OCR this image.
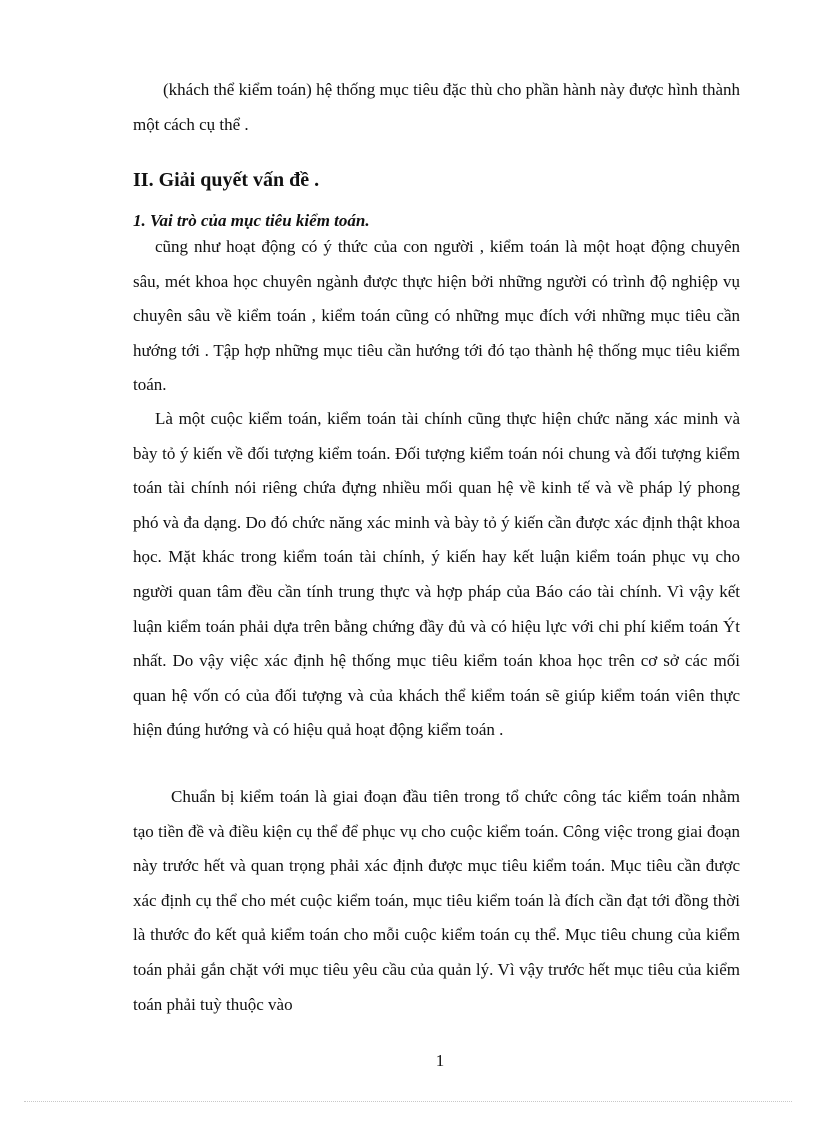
(khách thể kiểm toán) hệ thống mục tiêu đặc thù cho phần hành này được hình thành một cách cụ thể .
II. Giải quyết vấn đề .
1. Vai trò của mục tiêu kiểm toán.
cũng như hoạt động có ý thức của con người , kiểm toán là một hoạt động chuyên sâu, mét khoa học chuyên ngành được thực hiện bởi những người có trình độ nghiệp vụ chuyên sâu về kiểm toán , kiểm toán cũng có những mục đích với những mục tiêu cần hướng tới . Tập hợp những mục tiêu cần hướng tới đó tạo thành hệ thống mục tiêu kiểm toán.
Là một cuộc kiểm toán, kiểm toán tài chính cũng thực hiện chức năng xác minh và bày tỏ ý kiến về đối tượng kiểm toán. Đối tượng kiểm toán nói chung và đối tượng kiểm toán tài chính nói riêng chứa đựng nhiều mối quan hệ về kinh tế và về pháp lý phong phó và đa dạng. Do đó chức năng xác minh và bày tỏ ý kiến cần được xác định thật khoa học. Mặt khác trong kiểm toán tài chính, ý kiến hay kết luận kiểm toán phục vụ cho người quan tâm đều cần tính trung thực và hợp pháp của Báo cáo tài chính. Vì vậy kết luận kiểm toán phải dựa trên bằng chứng đầy đủ và có hiệu lực với chi phí kiểm toán Ýt nhất. Do vậy việc xác định hệ thống mục tiêu kiểm toán khoa học trên cơ sở các mối quan hệ vốn có của đối tượng và của khách thể kiểm toán sẽ giúp kiểm toán viên thực hiện đúng hướng và có hiệu quả hoạt động kiểm toán .
Chuẩn bị kiểm toán là giai đoạn đầu tiên trong tổ chức công tác kiểm toán nhằm tạo tiền đề và điều kiện cụ thể để phục vụ cho cuộc kiểm toán. Công việc trong giai đoạn này trước hết và quan trọng phải xác định được mục tiêu kiểm toán. Mục tiêu cần được xác định cụ thể cho mét cuộc kiểm toán, mục tiêu kiểm toán là đích cần đạt tới đồng thời là thước đo kết quả kiểm toán cho mỗi cuộc kiểm toán cụ thể. Mục tiêu chung của kiểm toán phải gắn chặt với mục tiêu yêu cầu của quản lý. Vì vậy trước hết mục tiêu của kiểm toán phải tuỳ thuộc vào
1
